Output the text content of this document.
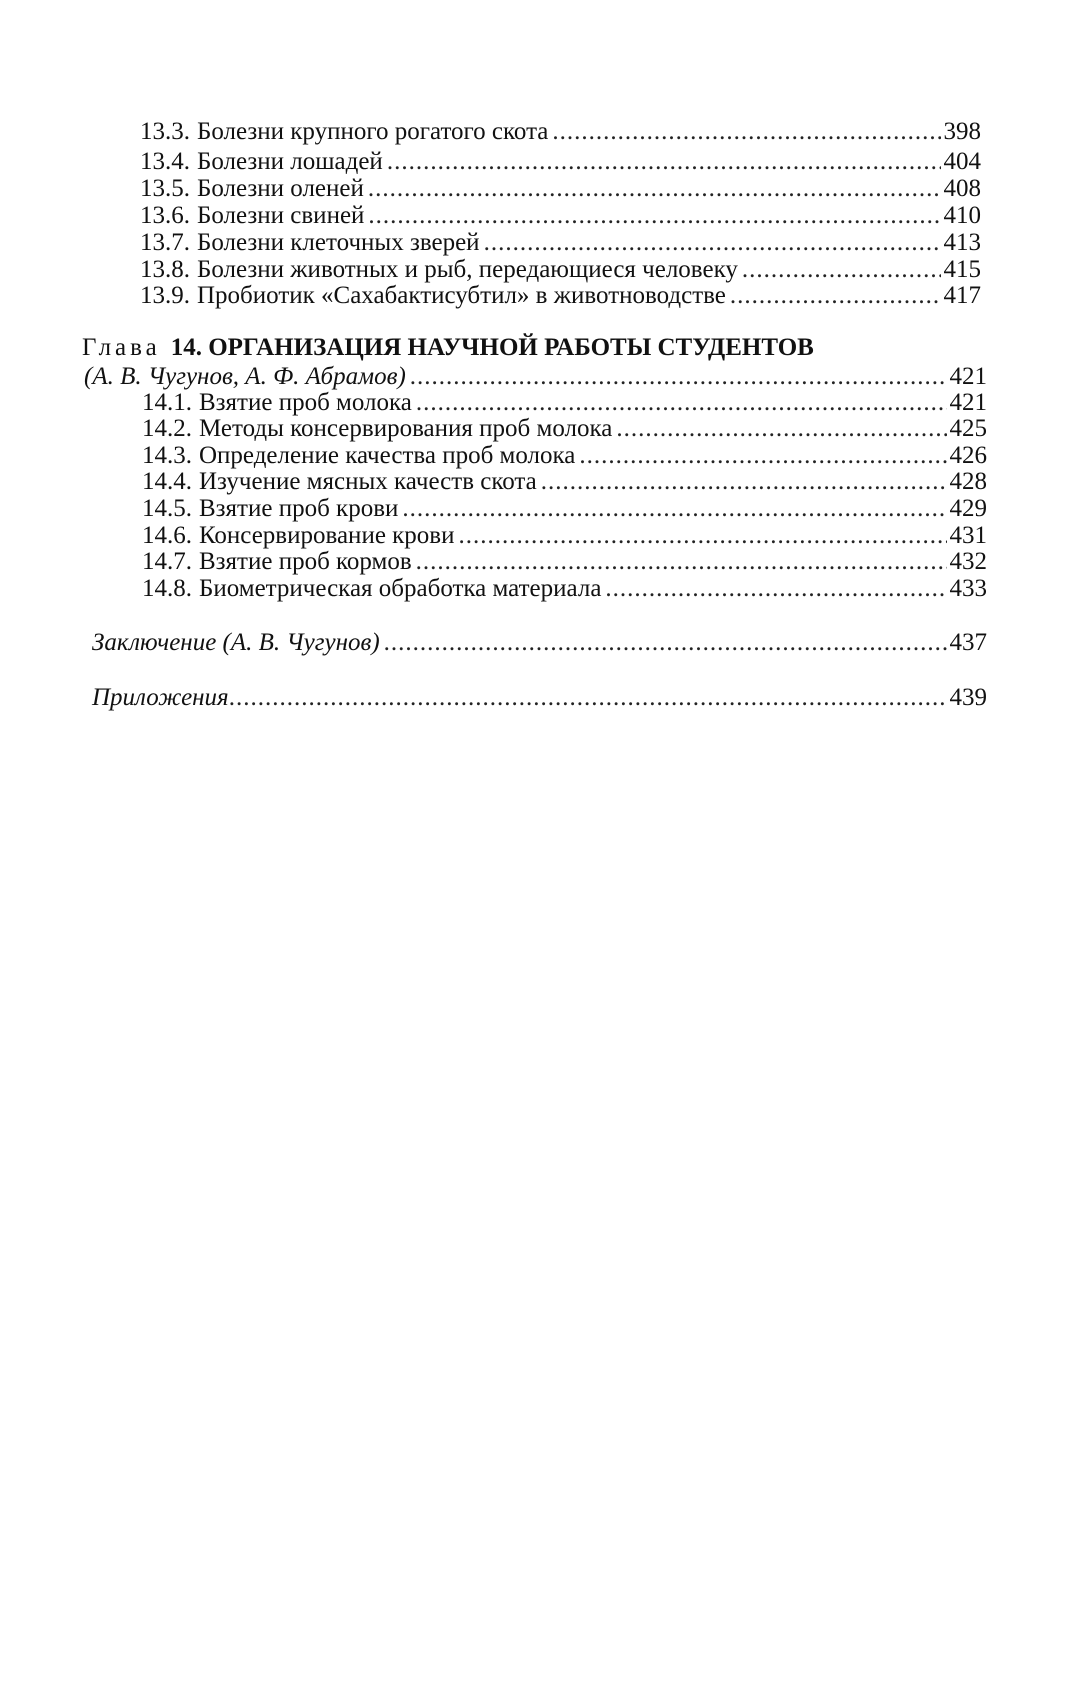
13.3. Болезни крупного рогатого скота .....	398
13.4. Болезни лошадей .....	404
13.5. Болезни оленей .....	408
13.6. Болезни свиней .....	410
13.7. Болезни клеточных зверей .....	413
13.8. Болезни животных и рыб, передающиеся человеку .....	415
13.9. Пробиотик «Сахабактисубтил» в животноводстве .....	417
Глава 14. ОРГАНИЗАЦИЯ НАУЧНОЙ РАБОТЫ СТУДЕНТОВ
(А. В. Чугунов, А. Ф. Абрамов) .....	421
14.1. Взятие проб молока .....	421
14.2. Методы консервирования проб молока .....	425
14.3. Определение качества проб молока .....	426
14.4. Изучение мясных качеств скота .....	428
14.5. Взятие проб крови .....	429
14.6. Консервирование крови .....	431
14.7. Взятие проб кормов .....	432
14.8. Биометрическая обработка материала .....	433
Заключение (А. В. Чугунов) .....	437
Приложения .....	439
